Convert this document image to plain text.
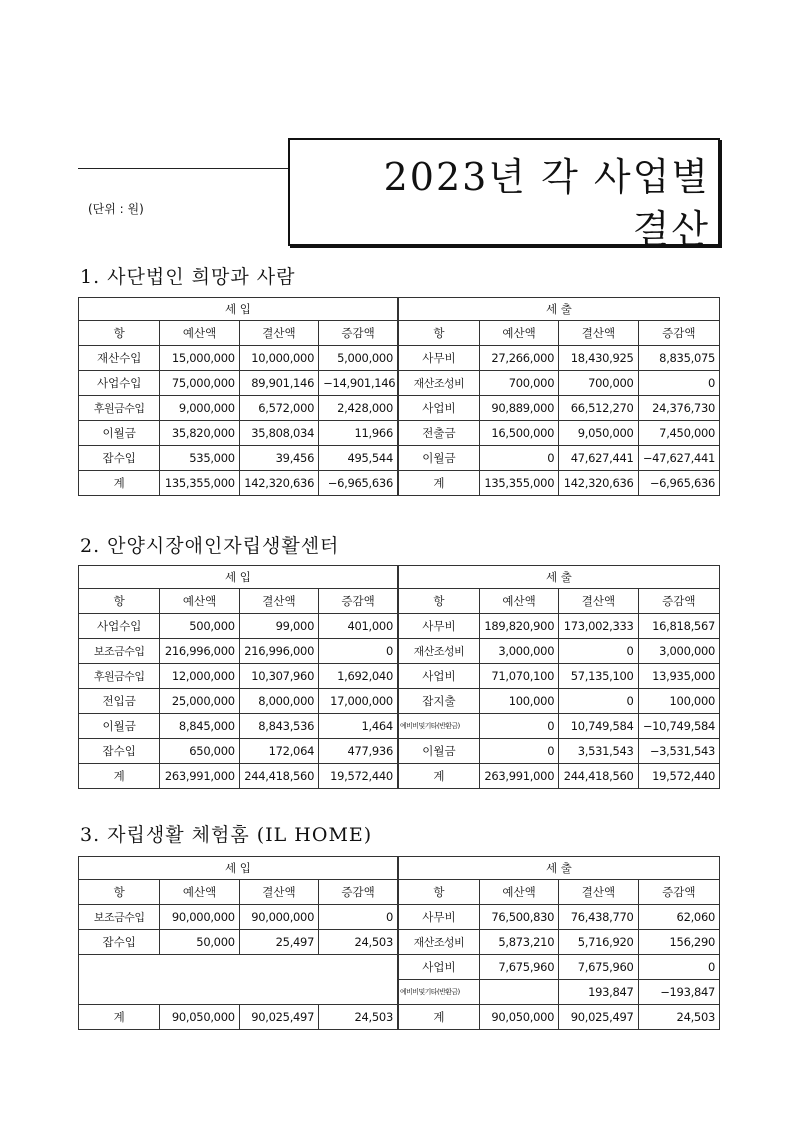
(단위 : 원)
2023년 각 사업별
결산
1. 사단법인 희망과 사람
세 입				세 출			
항	예산액	결산액	증감액	항	예산액	결산액	증감액
재산수입	15,000,000	10,000,000	5,000,000	사무비	27,266,000	18,430,925	8,835,075
사업수입	75,000,000	89,901,146	−14,901,146	재산조성비	700,000	700,000	0
후원금수입	9,000,000	6,572,000	2,428,000	사업비	90,889,000	66,512,270	24,376,730
이월금	35,820,000	35,808,034	11,966	전출금	16,500,000	9,050,000	7,450,000
잡수입	535,000	39,456	495,544	이월금	0	47,627,441	−47,627,441
계	135,355,000	142,320,636	−6,965,636	계	135,355,000	142,320,636	−6,965,636
2. 안양시장애인자립생활센터
세 입				세 출			
항	예산액	결산액	증감액	항	예산액	결산액	증감액
사업수입	500,000	99,000	401,000	사무비	189,820,900	173,002,333	16,818,567
보조금수입	216,996,000	216,996,000	0	재산조성비	3,000,000	0	3,000,000
후원금수입	12,000,000	10,307,960	1,692,040	사업비	71,070,100	57,135,100	13,935,000
전입금	25,000,000	8,000,000	17,000,000	잡지출	100,000	0	100,000
이월금	8,845,000	8,843,536	1,464	예비비및기타(반환금)	0	10,749,584	−10,749,584
잡수입	650,000	172,064	477,936	이월금	0	3,531,543	−3,531,543
계	263,991,000	244,418,560	19,572,440	계	263,991,000	244,418,560	19,572,440
3. 자립생활 체험홈 (IL HOME)
세 입				세 출			
항	예산액	결산액	증감액	항	예산액	결산액	증감액
보조금수입	90,000,000	90,000,000	0	사무비	76,500,830	76,438,770	62,060
잡수입	50,000	25,497	24,503	재산조성비	5,873,210	5,716,920	156,290
				사업비	7,675,960	7,675,960	0
				예비비및기타(반환금)		193,847	−193,847
계	90,050,000	90,025,497	24,503	계	90,050,000	90,025,497	24,503
